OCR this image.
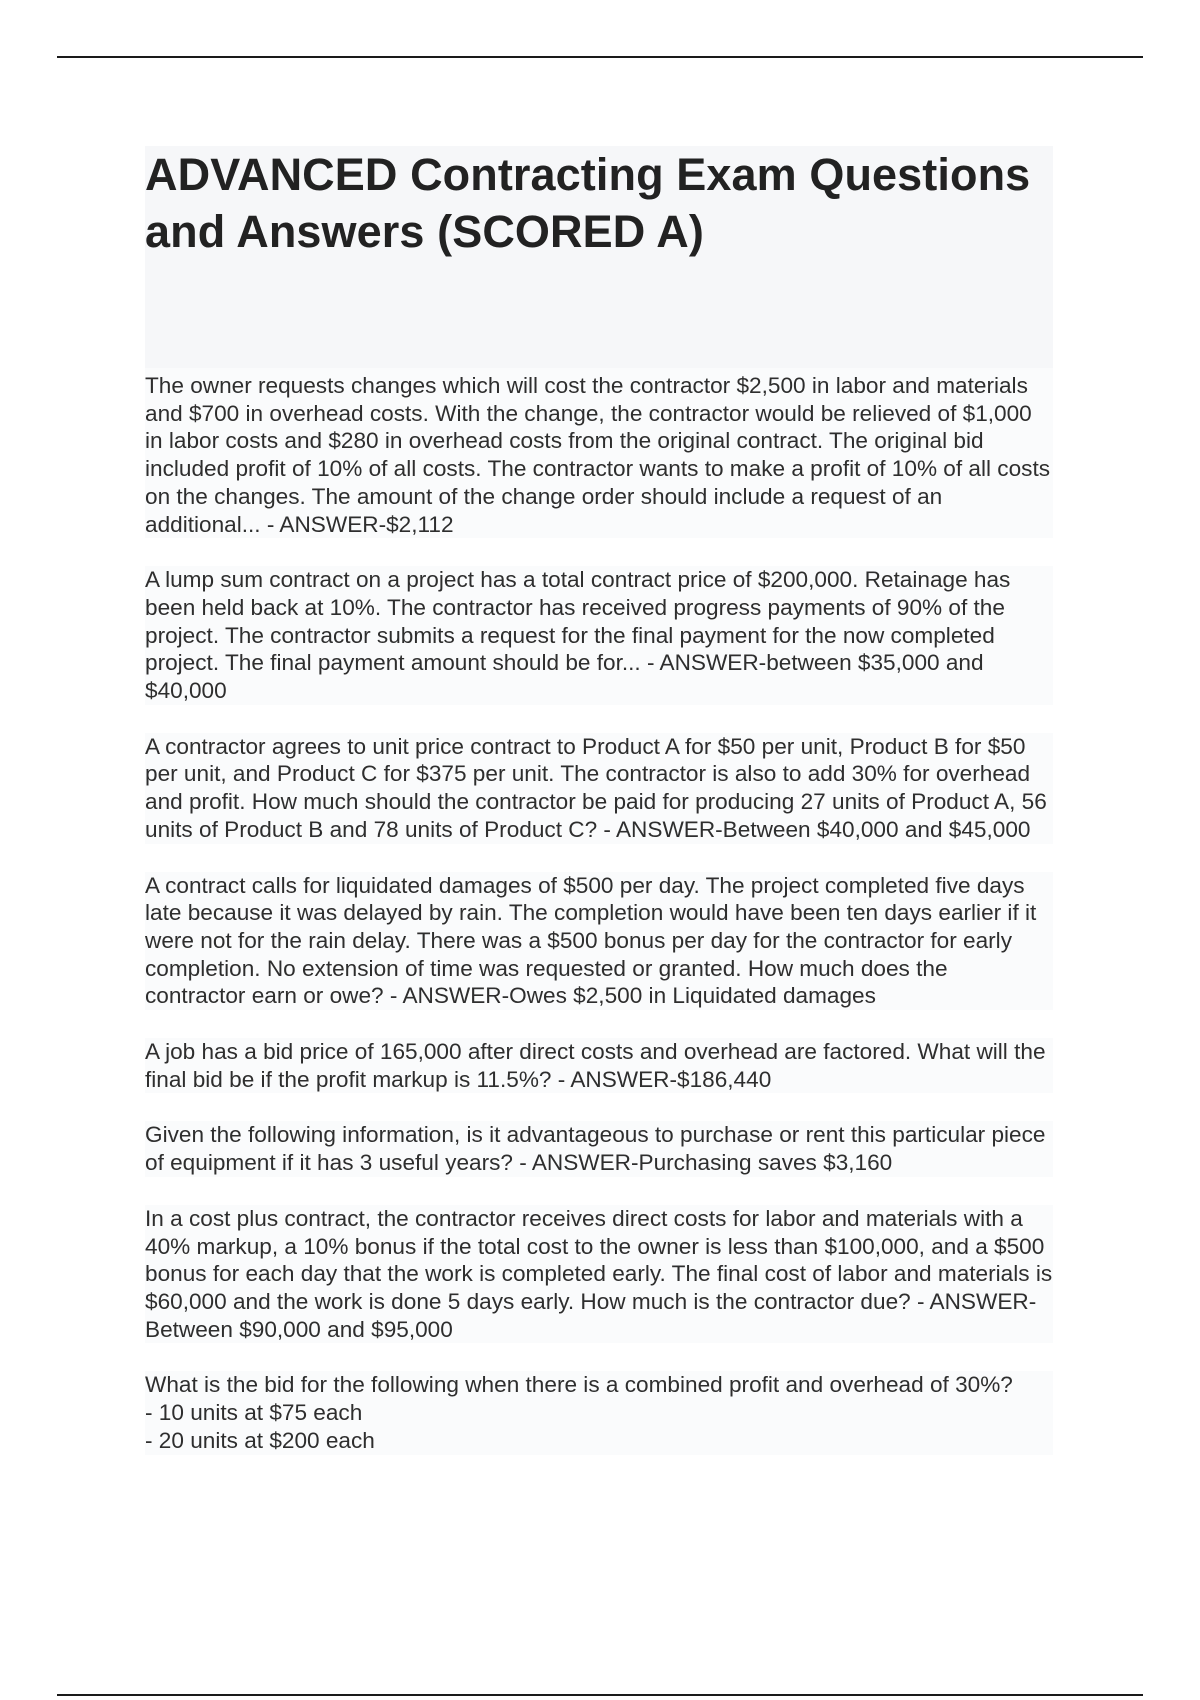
ADVANCED Contracting Exam Questions and Answers (SCORED A)
The owner requests changes which will cost the contractor $2,500 in labor and materials and $700 in overhead costs. With the change, the contractor would be relieved of $1,000 in labor costs and $280 in overhead costs from the original contract. The original bid included profit of 10% of all costs. The contractor wants to make a profit of 10% of all costs on the changes. The amount of the change order should include a request of an additional... - ANSWER-$2,112
A lump sum contract on a project has a total contract price of $200,000. Retainage has been held back at 10%. The contractor has received progress payments of 90% of the project. The contractor submits a request for the final payment for the now completed project. The final payment amount should be for... - ANSWER-between $35,000 and $40,000
A contractor agrees to unit price contract to Product A for $50 per unit, Product B for $50 per unit, and Product C for $375 per unit. The contractor is also to add 30% for overhead and profit. How much should the contractor be paid for producing 27 units of Product A, 56 units of Product B and 78 units of Product C? - ANSWER-Between $40,000 and $45,000
A contract calls for liquidated damages of $500 per day. The project completed five days late because it was delayed by rain. The completion would have been ten days earlier if it were not for the rain delay. There was a $500 bonus per day for the contractor for early completion. No extension of time was requested or granted. How much does the contractor earn or owe? - ANSWER-Owes $2,500 in Liquidated damages
A job has a bid price of 165,000 after direct costs and overhead are factored. What will the final bid be if the profit markup is 11.5%? - ANSWER-$186,440
Given the following information, is it advantageous to purchase or rent this particular piece of equipment if it has 3 useful years? - ANSWER-Purchasing saves $3,160
In a cost plus contract, the contractor receives direct costs for labor and materials with a 40% markup, a 10% bonus if the total cost to the owner is less than $100,000, and a $500 bonus for each day that the work is completed early. The final cost of labor and materials is $60,000 and the work is done 5 days early. How much is the contractor due? - ANSWER-Between $90,000 and $95,000
What is the bid for the following when there is a combined profit and overhead of 30%?
- 10 units at $75 each
- 20 units at $200 each
